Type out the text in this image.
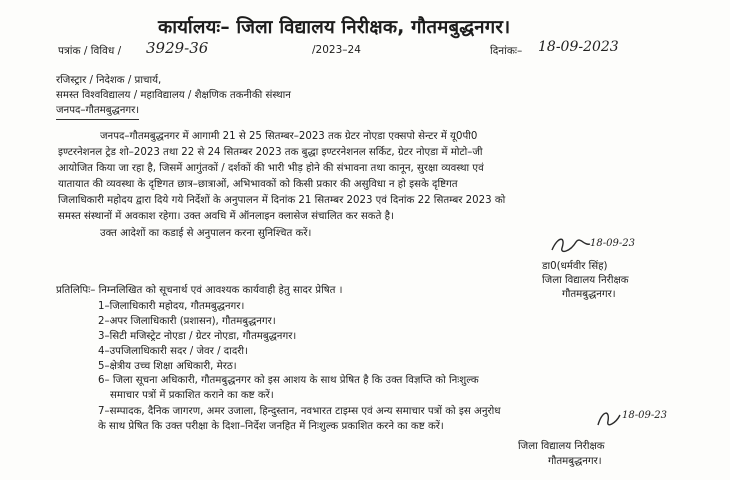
कार्यालयः– जिला विद्यालय निरीक्षक, गौतमबुद्धनगर।
पत्रांक / विविध / 3929-36	/2023–24	दिनांकः– 18-09-2023
रजिस्ट्रार / निदेशक / प्राचार्य,
समस्त विश्वविद्यालय / महाविद्यालय / शैक्षणिक तकनीकी संस्थान
जनपद–गौतमबुद्धनगर।
जनपद–गौतमबुद्धनगर में आगामी 21 से 25 सितम्बर–2023 तक ग्रेटर नोएडा एक्सपो सेन्टर में यू0पी0
इण्टरनेशनल ट्रेड शो–2023 तथा 22 से 24 सितम्बर 2023 तक बुद्धा इण्टरनेशनल सर्किट, ग्रेटर नोएडा में मोटो–जी
आयोजित किया जा रहा है, जिसमें आगुंतकों / दर्शकों की भारी भीड़ होने की संभावना तथा कानून, सुरक्षा व्यवस्था एवं
यातायात की व्यवस्था के दृष्टिगत छात्र–छात्राओं, अभिभावकों को किसी प्रकार की असुविधा न हो इसके दृष्टिगत
जिलाधिकारी महोदय द्वारा दिये गये निर्देशों के अनुपालन में दिनांक 21 सितम्बर 2023 एवं दिनांक 22 सितम्बर 2023 को
समस्त संस्थानों में अवकाश रहेगा। उक्त अवधि में ऑनलाइन क्लासेज संचालित कर सकते है।
उक्त आदेशों का कडाई से अनुपालन करना सुनिश्चित करें।
18-09-23
डा0(धर्मवीर सिंह)
जिला विद्यालय निरीक्षक
गौतमबुद्धनगर।
प्रतिलिपिः– निम्नलिखित को सूचनार्थ एवं आवश्यक कार्यवाही हेतु सादर प्रेषित ।
1–जिलाधिकारी महोदय, गौतमबुद्धनगर।
2–अपर जिलाधिकारी (प्रशासन), गौतमबुद्धनगर।
3–सिटी मजिस्ट्रेट नोएडा / ग्रेटर नोएडा, गौतमबुद्धनगर।
4–उपजिलाधिकारी सदर / जेवर / दादरी।
5–क्षेत्रीय उच्च शिक्षा अधिकारी, मेरठ।
6– जिला सूचना अधिकारी, गौतमबुद्धनगर को इस आशय के साथ प्रेषित है कि उक्त विज्ञप्ति को निःशुल्क
समाचार पत्रों में प्रकाशित कराने का कष्ट करें।
7–सम्पादक, दैनिक जागरण, अमर उजाला, हिन्दुस्तान, नवभारत टाइम्स एवं अन्य समाचार पत्रों को इस अनुरोध
के साथ प्रेषित कि उक्त परीक्षा के दिशा–निर्देश जनहित में निःशुल्क प्रकाशित करने का कष्ट करें।
18-09-23
जिला विद्यालय निरीक्षक
गौतमबुद्धनगर।
